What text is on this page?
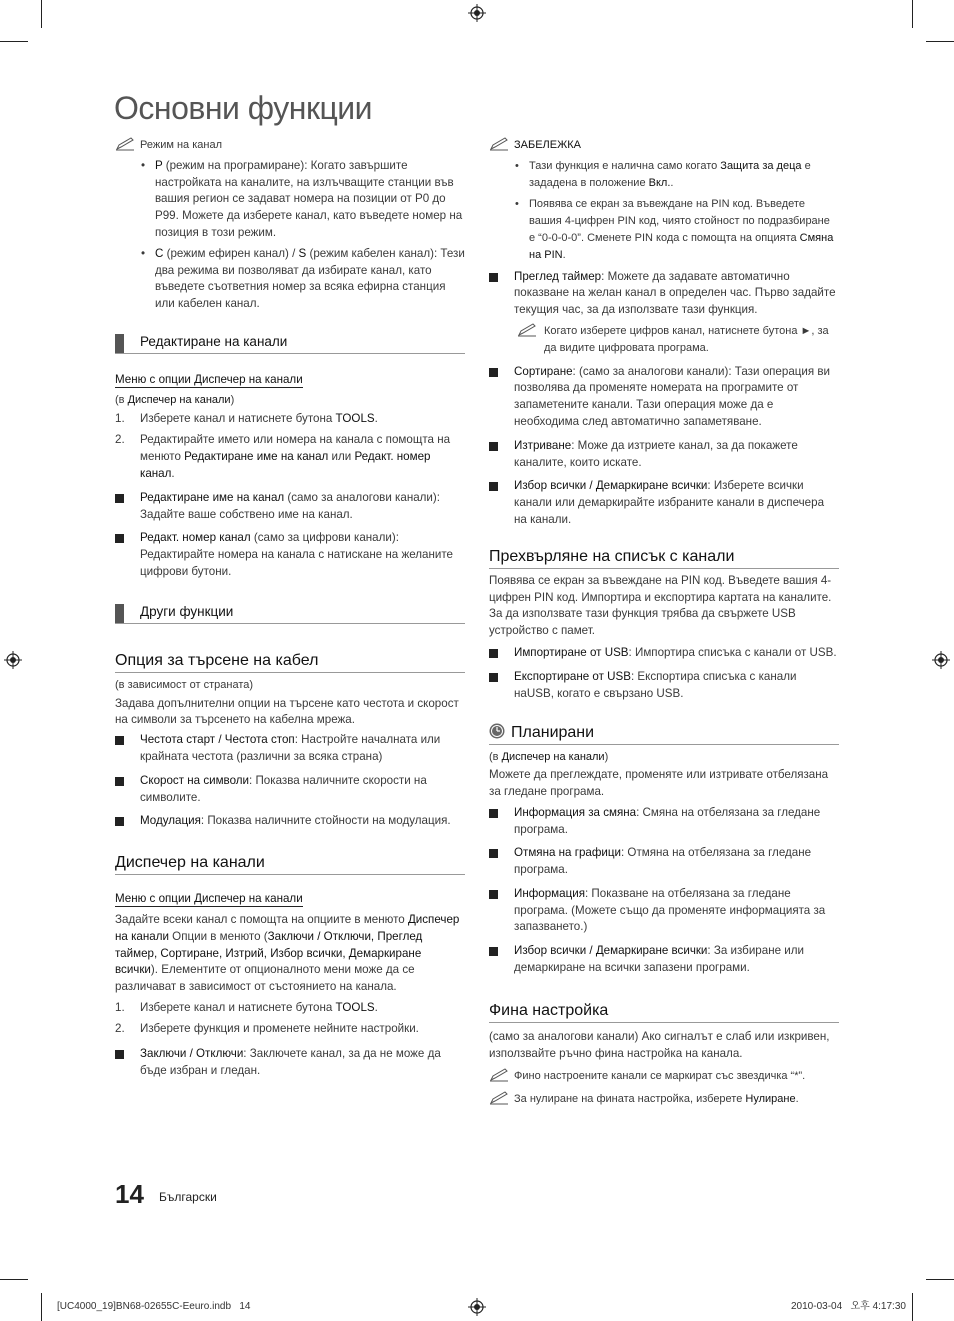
Основни функции
Режим на канал
• P (режим на програмиране): Когато завършите настройката на каналите, на излъчващите станции във вашия регион се задават номера на позиции от P0 до P99. Можете да изберете канал, като въведете номер на позиция в този режим.
• C (режим ефирен канал) / S (режим кабелен канал): Тези два режима ви позволяват да избирате канал, като въведете съответния номер за всяка ефирна станция или кабелен канал.
Редактиране на канали
Меню с опции Диспечер на канали

(в Диспечер на канали)

1. Изберете канал и натиснете бутона TOOLS.
2. Редактирайте името или номера на канала с помощта на менюто Редактиране име на канал или Редакт. номер канал.
Редактиране име на канал (само за аналогови канали): Задайте ваше собствено име на канал.
Редакт. номер канал (само за цифрови канали): Редактирайте номера на канала с натискане на желаните цифрови бутони.
Други функции
Опция за търсене на кабел

(в зависимост от страната)

Задава допълнителни опции на търсене като честота и скорост на символи за търсенето на кабелна мрежа.

Честота старт / Честота стоп: Настройте началната или крайната честота (различни за всяка страна)
Скорост на символи: Показва наличните скорости на символите.
Модулация: Показва наличните стойности на модулация.
Диспечер на канали
Меню с опции Диспечер на канали

Задайте всеки канал с помощта на опциите в менюто Диспечер на канали Опции в менюто (Заключи / Отключи, Преглед таймер, Сортиране, Изтрий, Избор всички, Демаркиране всички). Елементите от опционалното мени може да се различават в зависимост от състоянието на канала.

1. Изберете канал и натиснете бутона TOOLS.
2. Изберете функция и променете нейните настройки.
Заключи / Отключи: Заключете канал, за да не може да бъде избран и гледан.
ЗАБЕЛЕЖКА
• Тази функция е налична само когато Защита за деца е зададена в положение Вкл..
• Появява се екран за въвеждане на PIN код. Въведете вашия 4-цифрен PIN код, чиято стойност по подразбиране е “0-0-0-0”. Сменете PIN кода с помощта на опцията Смяна на PIN.
Преглед таймер: Можете да задавате автоматично показване на желан канал в определен час. Първо задайте текущия час, за да използвате тази функция.
Когато изберете цифров канал, натиснете бутона ►, за да видите цифровата програма.
Сортиране: (само за аналогови канали): Тази операция ви позволява да променяте номерата на програмите от запаметените канали. Тази операция може да е необходима след автоматично запаметяване.
Изтриване: Може да изтриете канал, за да покажете каналите, които искате.
Избор всички / Демаркиране всички: Изберете всички канали или демаркирайте избраните канали в диспечера на канали.
Прехвърляне на списък с канали

Появява се екран за въвеждане на PIN код. Въведете вашия 4-цифрен PIN код. Импортира и експортира картата на каналите. За да използвате тази функция трябва да свържете USB устройство с памет.

Импортиране от USB: Импортира списъка с канали от USB.
Експортиране от USB: Експортира списъка с канали наUSB, когато е свързано USB.
Планирани

(в Диспечер на канали)

Можете да преглеждате, променяте или изтривате отбелязана за гледане програма.

Информация за смяна: Смяна на отбелязана за гледане програма.
Отмяна на графици: Отмяна на отбелязана за гледане програма.
Информация: Показване на отбелязана за гледане програма. (Можете също да променяте информацията за запазването.)
Избор всички / Демаркиране всички: За избиране или демаркиране на всички запазени програми.
Фина настройка

(само за аналогови канали) Ако сигналът е слаб или изкривен, използвайте ръчно фина настройка на канала.

Фино настроените канали се маркират със звездичка “*”.
За нулиране на фината настройка, изберете Нулиране.
14 Български
[UC4000_19]BN68-02655C-Eeuro.indb   14	2010-03-04   오후 4:17:30
